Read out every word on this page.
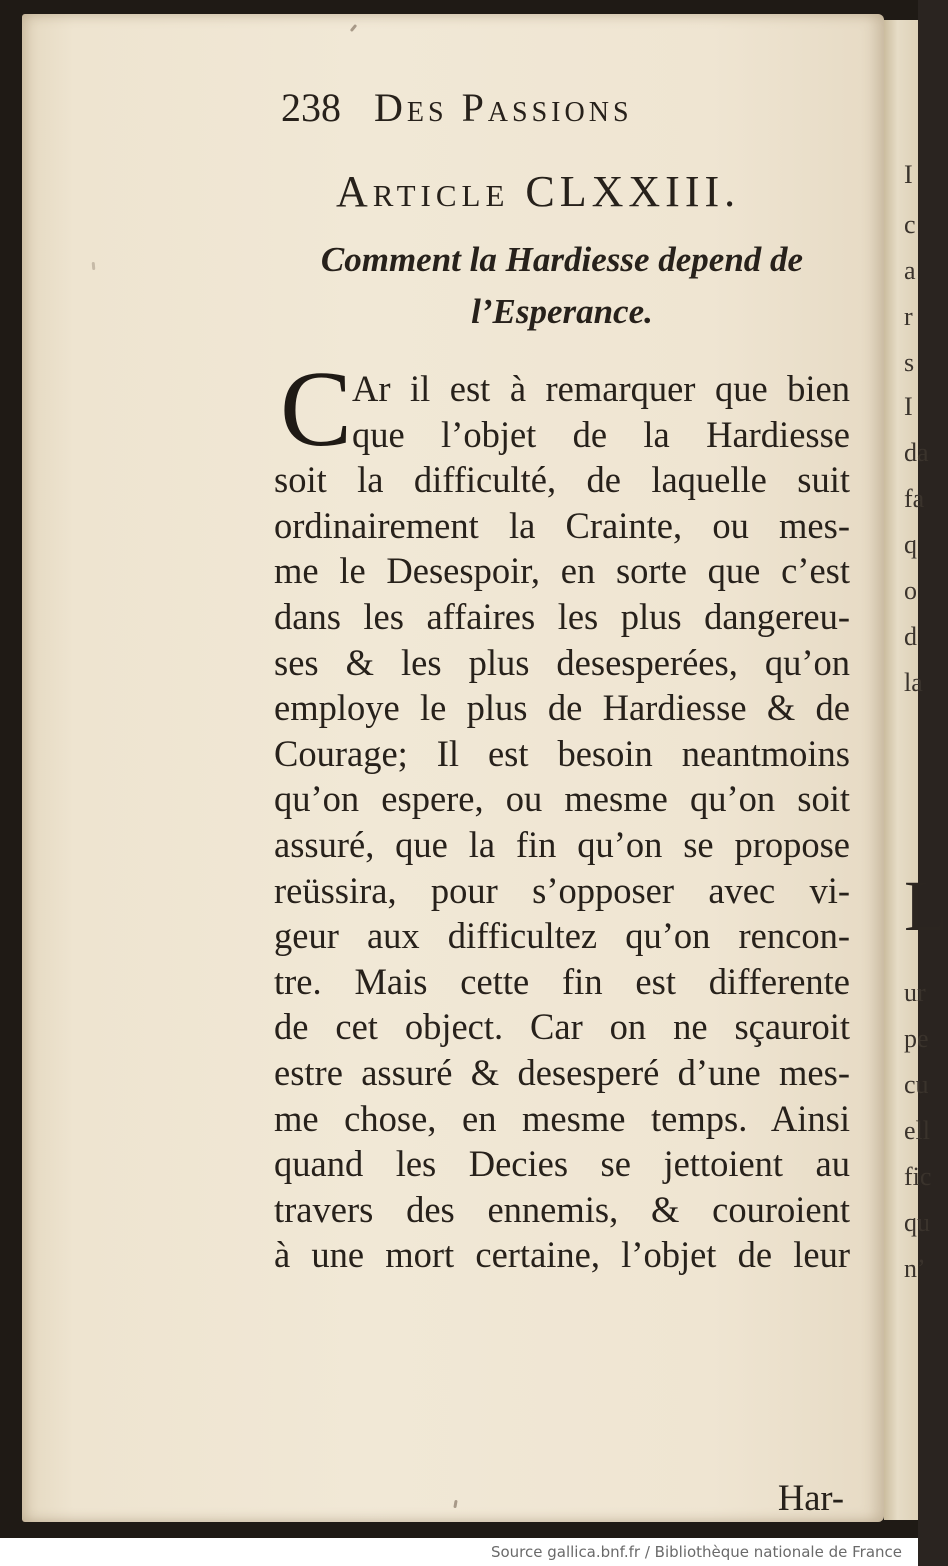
I
c
a
r
s
I
da
fa
q
o
d
la
L
ur
pe
cu
ell
fic
qu
n’
238 Des Passions
Article CLXXIII.
Comment la Hardiesse depend de
l’Esperance.
C Ar il est à remarquer que bien
que l’objet de la Hardiesse
soit la difficulté, de laquelle suit
ordinairement la Crainte, ou mes-
me le Desespoir, en sorte que c’est
dans les affaires les plus dangereu-
ses & les plus desesperées, qu’on
employe le plus de Hardiesse & de
Courage; Il est besoin neantmoins
qu’on espere, ou mesme qu’on soit
assuré, que la fin qu’on se propose
reüssira, pour s’opposer avec vi-
geur aux difficultez qu’on rencon-
tre. Mais cette fin est differente
de cet object. Car on ne sçauroit
estre assuré & desesperé d’une mes-
me chose, en mesme temps. Ainsi
quand les Decies se jettoient au
travers des ennemis, & couroient
à une mort certaine, l’objet de leur
Har-
Source gallica.bnf.fr / Bibliothèque nationale de France
